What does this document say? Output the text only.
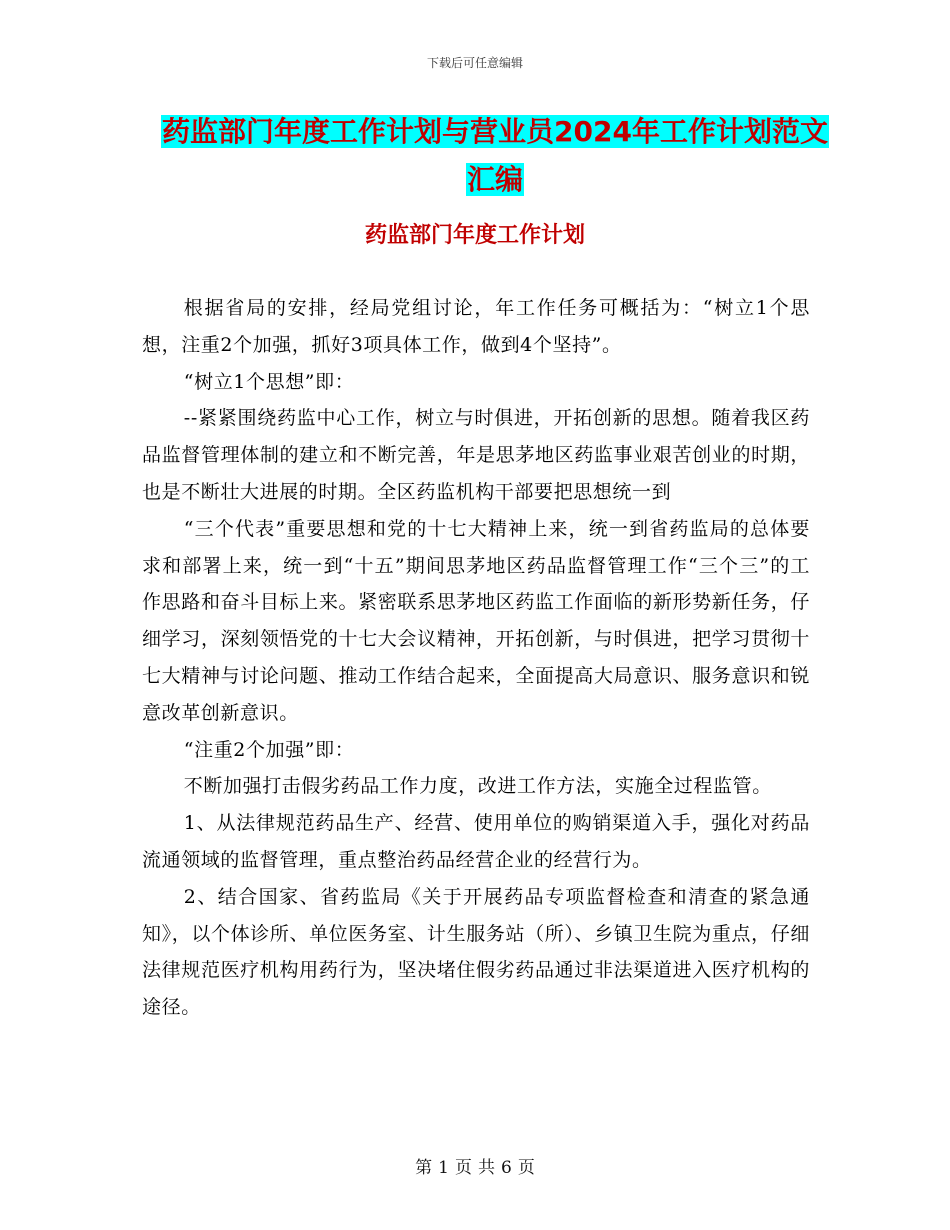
下载后可任意编辑
药监部门年度工作计划与营业员2024年工作计划范文
汇编
药监部门年度工作计划

根据省局的安排，经局党组讨论，年工作任务可概括为：“树立1个思想，注重2个加强，抓好3项具体工作，做到4个坚持”。

“树立1个思想”即：

--紧紧围绕药监中心工作，树立与时俱进，开拓创新的思想。随着我区药品监督管理体制的建立和不断完善，年是思茅地区药监事业艰苦创业的时期，也是不断壮大进展的时期。全区药监机构干部要把思想统一到

“三个代表”重要思想和党的十七大精神上来，统一到省药监局的总体要求和部署上来，统一到“十五”期间思茅地区药品监督管理工作“三个三”的工作思路和奋斗目标上来。紧密联系思茅地区药监工作面临的新形势新任务，仔细学习，深刻领悟党的十七大会议精神，开拓创新，与时俱进，把学习贯彻十七大精神与讨论问题、推动工作结合起来，全面提高大局意识、服务意识和锐意改革创新意识。

“注重2个加强”即：

不断加强打击假劣药品工作力度，改进工作方法，实施全过程监管。

1、从法律规范药品生产、经营、使用单位的购销渠道入手，强化对药品流通领域的监督管理，重点整治药品经营企业的经营行为。

2、结合国家、省药监局《关于开展药品专项监督检查和清查的紧急通知》，以个体诊所、单位医务室、计生服务站（所）、乡镇卫生院为重点，仔细法律规范医疗机构用药行为，坚决堵住假劣药品通过非法渠道进入医疗机构的途径。

第 1 页 共 6 页
